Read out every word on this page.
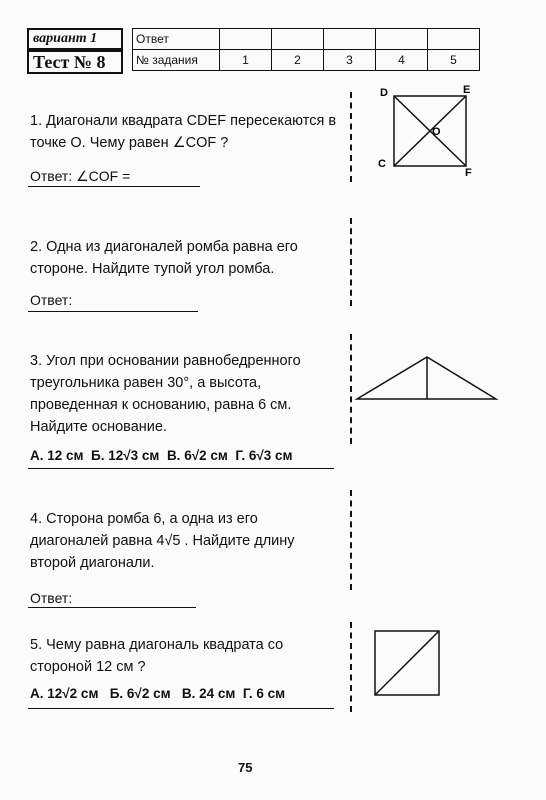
вариант 1
Тест № 8
Ответ					
№ задания	1	2	3	4	5
1. Диагонали квадрата CDEF пересекаются в точке O. Чему равен ∠COF ?
Ответ: ∠COF =
D	E
C
F
O
2. Одна из диагоналей ромба равна его стороне. Найдите тупой угол ромба.
Ответ:
3. Угол при основании равнобедренного треугольника равен 30°, а высота, проведенная к основанию, равна 6 см. Найдите основание.
А. 12 см Б. 12√3 см В. 6√2 см Г. 6√3 см
4. Сторона ромба 6, а одна из его диагоналей равна 4√5 . Найдите длину второй диагонали.
Ответ:
5. Чему равна диагональ квадрата со стороной 12 см ?
А. 12√2 см Б. 6√2 см В. 24 см Г. 6 см
75
